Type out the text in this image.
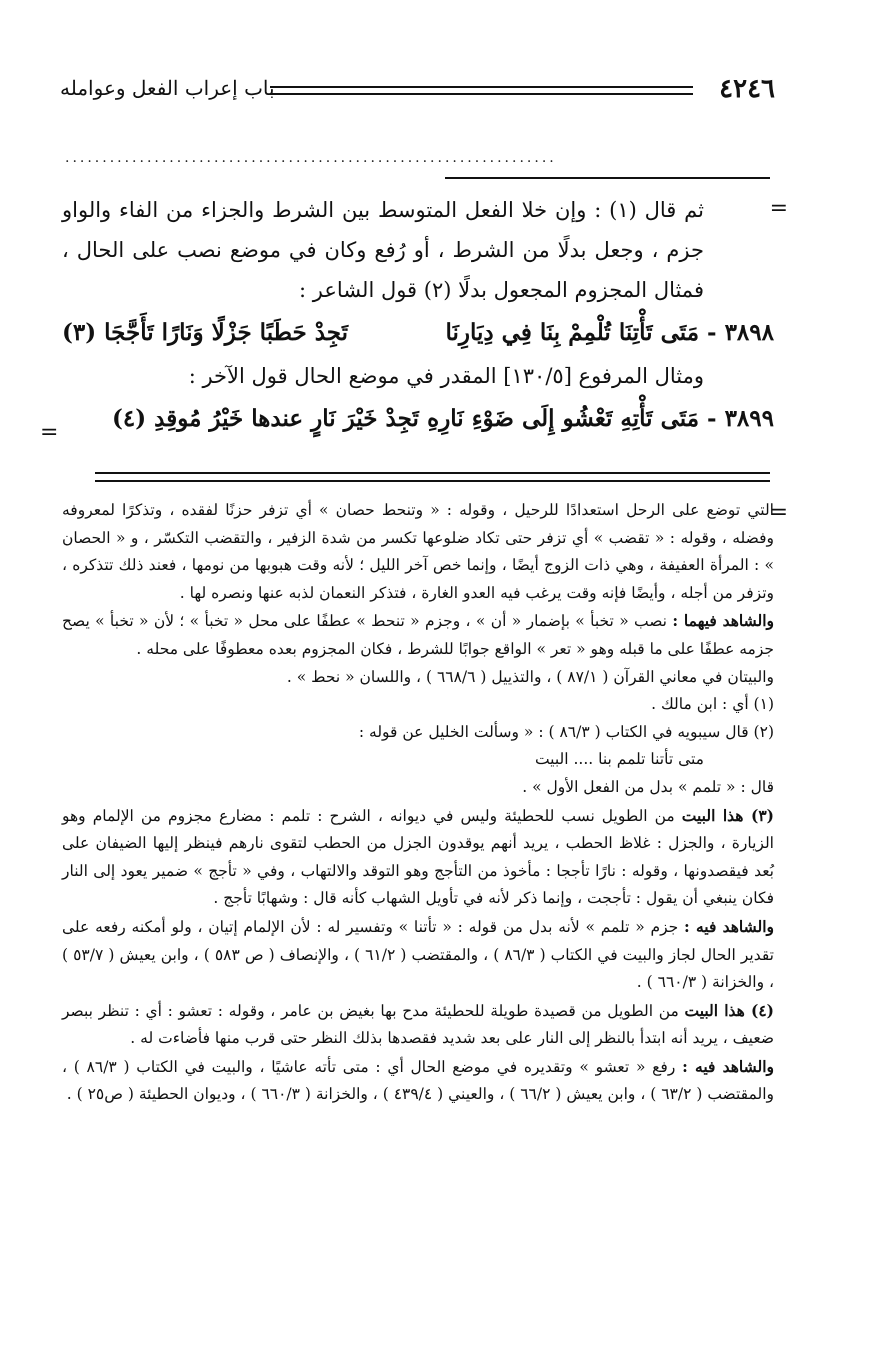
٤٢٤٦
باب إعراب الفعل وعوامله
..................................................................
=
=

ثم قال (١) : وإن خلا الفعل المتوسط بين الشرط والجزاء من الفاء والواو جزم ، وجعل بدلًا من الشرط ، أو رُفع وكان في موضع نصب على الحال ، فمثال المجزوم المجعول بدلًا (٢) قول الشاعر :

٣٨٩٨ - مَتَى تَأْتِنَا تُلْمِمْ بِنَا فِي دِيَارِنَا
تَجِدْ حَطَبًا جَزْلًا وَنَارًا تَأَجَّجَا (٣)

ومثال المرفوع [١٣٠/٥] المقدر في موضع الحال قول الآخر :

٣٨٩٩ - مَتَى تَأْتِهِ تَعْشُو إِلَى ضَوْءِ نَارِهِ
تَجِدْ خَيْرَ نَارٍ عندها خَيْرُ مُوقِدِ (٤)
=

التي توضع على الرحل استعدادًا للرحيل ، وقوله : « وتنحط حصان » أي تزفر حزنًا لفقده ، وتذكرًا لمعروفه وفضله ، وقوله : « تقضب » أي تزفر حتى تكاد ضلوعها تكسر من شدة الزفير ، والتقضب التكسّر ، و « الحصان » : المرأة العفيفة ، وهي ذات الزوج أيضًا ، وإنما خص آخر الليل ؛ لأنه وقت هبوبها من نومها ، فعند ذلك تتذكره ، وتزفر من أجله ، وأيضًا فإنه وقت يرغب فيه العدو الغارة ، فتذكر النعمان لذبه عنها ونصره لها .

والشاهد فيهما : نصب « تخبأ » بإضمار « أن » ، وجزم « تنحط » عطفًا على محل « تخبأ » ؛ لأن « تخبأ » يصح جزمه عطفًا على ما قبله وهو « تعر » الواقع جوابًا للشرط ، فكان المجزوم بعده معطوفًا على محله .

والبيتان في معاني القرآن ( ٨٧/١ ) ، والتذييل ( ٦٦٨/٦ ) ، واللسان « نحط » .

(١) أي : ابن مالك .

(٢) قال سيبويه في الكتاب ( ٨٦/٣ ) : « وسألت الخليل عن قوله :

متى تأتنا تلمم بنا .... البيت

قال : « تلمم » بدل من الفعل الأول » .

(٣) هذا البيت من الطويل نسب للحطيئة وليس في ديوانه ، الشرح : تلمم : مضارع مجزوم من الإلمام وهو الزيارة ، والجزل : غلاظ الحطب ، يريد أنهم يوقدون الجزل من الحطب لتقوى نارهم فينظر إليها الضيفان على بُعد فيقصدونها ، وقوله : نارًا تأججا : مأخوذ من التأجج وهو التوقد والالتهاب ، وفي « تأجج » ضمير يعود إلى النار فكان ينبغي أن يقول : تأججت ، وإنما ذكر لأنه في تأويل الشهاب كأنه قال : وشهابًا تأجج .

والشاهد فيه : جزم « تلمم » لأنه بدل من قوله : « تأتنا » وتفسير له : لأن الإلمام إتيان ، ولو أمكنه رفعه على تقدير الحال لجاز والبيت في الكتاب ( ٨٦/٣ ) ، والمقتضب ( ٦١/٢ ) ، والإنصاف ( ص ٥٨٣ ) ، وابن يعيش ( ٥٣/٧ ) ، والخزانة ( ٦٦٠/٣ ) .

(٤) هذا البيت من الطويل من قصيدة طويلة للحطيئة مدح بها بغيض بن عامر ، وقوله : تعشو : أي : تنظر ببصر ضعيف ، يريد أنه ابتدأ بالنظر إلى النار على بعد شديد فقصدها بذلك النظر حتى قرب منها فأضاءت له .

والشاهد فيه : رفع « تعشو » وتقديره في موضع الحال أي : متى تأته عاشيًا ، والبيت في الكتاب ( ٨٦/٣ ) ، والمقتضب ( ٦٣/٢ ) ، وابن يعيش ( ٦٦/٢ ) ، والعيني ( ٤٣٩/٤ ) ، والخزانة ( ٦٦٠/٣ ) ، وديوان الحطيئة ( ص٢٥ ) .
